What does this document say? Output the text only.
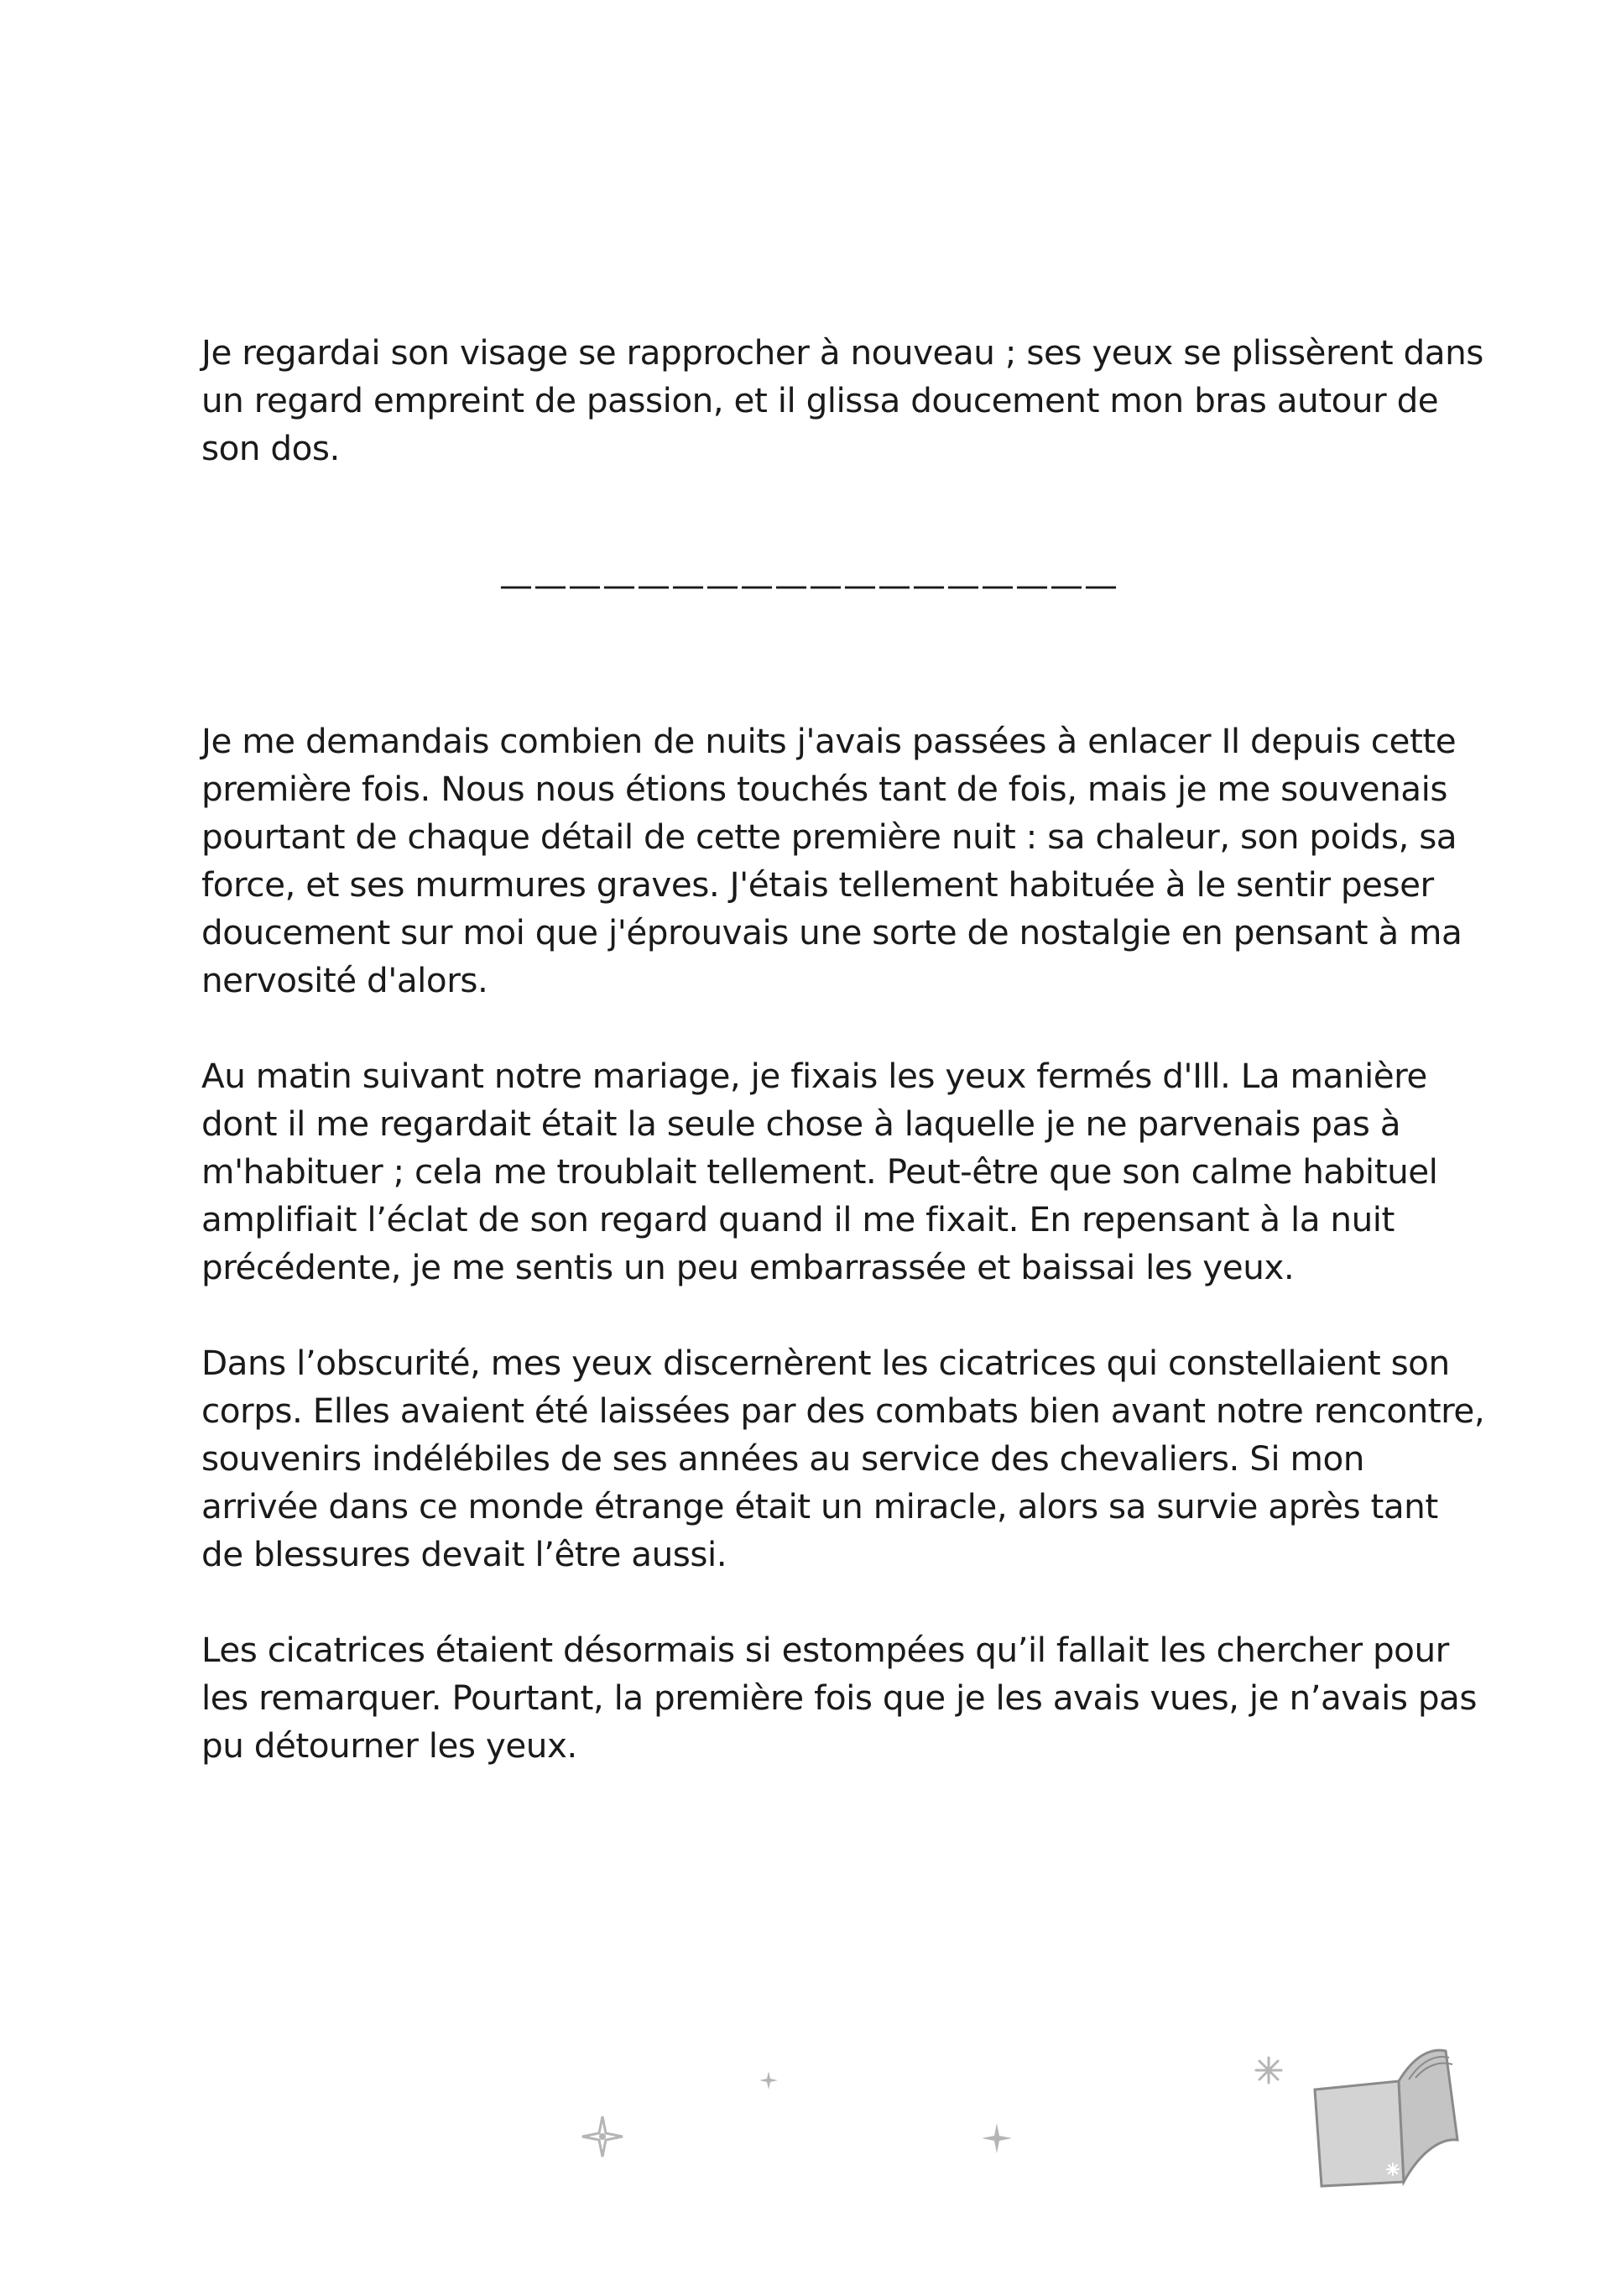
Je regardai son visage se rapprocher à nouveau ; ses yeux se plissèrent dans un regard empreint de passion, et il glissa doucement mon bras autour de son dos.

——————————————————

Je me demandais combien de nuits j'avais passées à enlacer Il depuis cette première fois. Nous nous étions touchés tant de fois, mais je me souvenais pourtant de chaque détail de cette première nuit : sa chaleur, son poids, sa force, et ses murmures graves. J'étais tellement habituée à le sentir peser doucement sur moi que j'éprouvais une sorte de nostalgie en pensant à ma nervosité d'alors.

Au matin suivant notre mariage, je fixais les yeux fermés d'Ill. La manière dont il me regardait était la seule chose à laquelle je ne parvenais pas à m'habituer ; cela me troublait tellement. Peut-être que son calme habituel amplifiait l’éclat de son regard quand il me fixait. En repensant à la nuit précédente, je me sentis un peu embarrassée et baissai les yeux.

Dans l’obscurité, mes yeux discernèrent les cicatrices qui constellaient son corps. Elles avaient été laissées par des combats bien avant notre rencontre, souvenirs indélébiles de ses années au service des chevaliers. Si mon arrivée dans ce monde étrange était un miracle, alors sa survie après tant de blessures devait l’être aussi.

Les cicatrices étaient désormais si estompées qu’il fallait les chercher pour les remarquer. Pourtant, la première fois que je les avais vues, je n’avais pas pu détourner les yeux.
